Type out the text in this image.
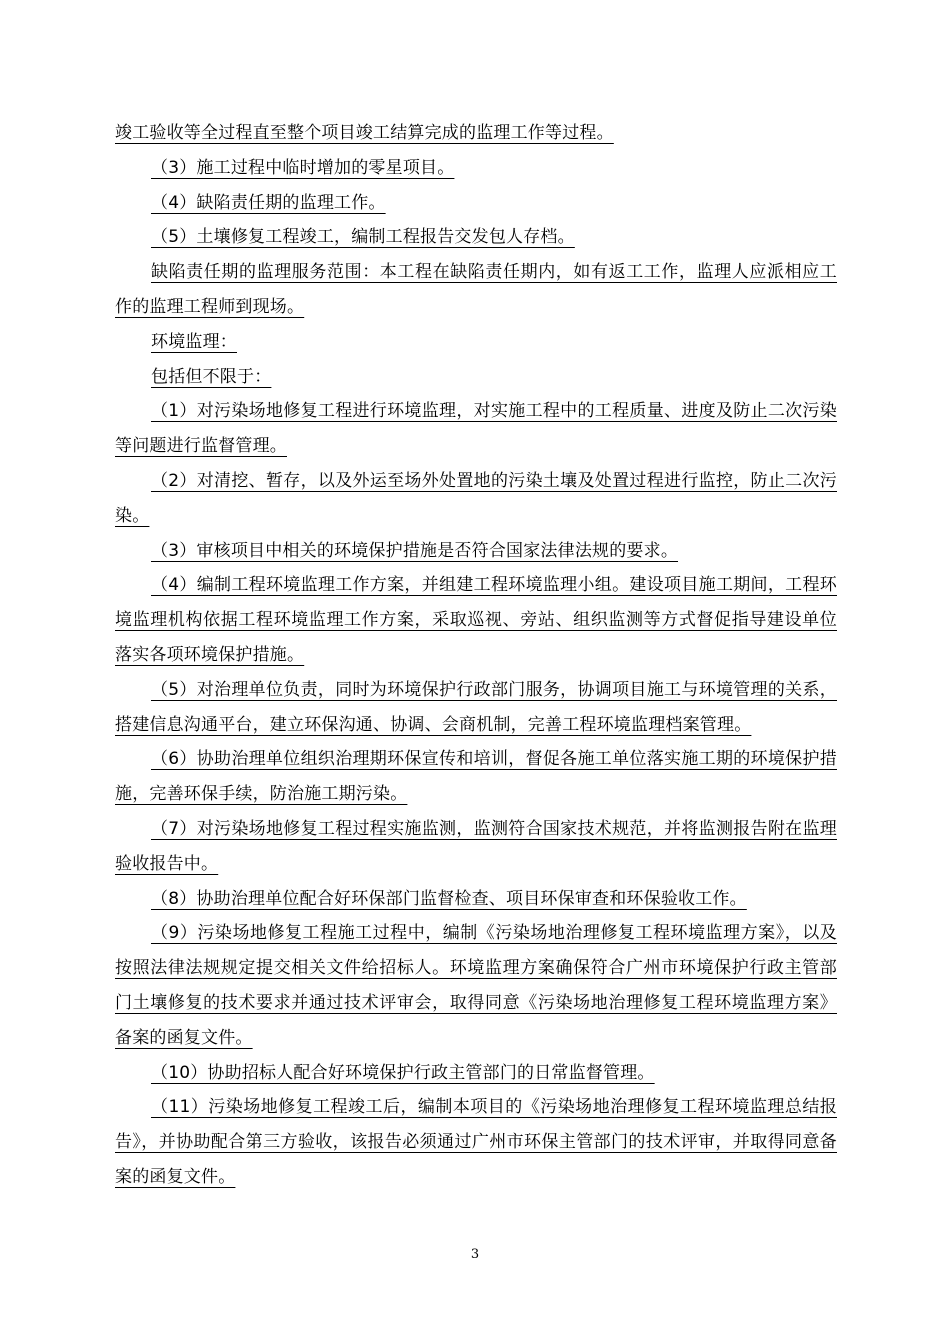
竣工验收等全过程直至整个项目竣工结算完成的监理工作等过程。

（3）施工过程中临时增加的零星项目。

（4）缺陷责任期的监理工作。

（5）土壤修复工程竣工，编制工程报告交发包人存档。

缺陷责任期的监理服务范围：本工程在缺陷责任期内，如有返工工作，监理人应派相应工作的监理工程师到现场。

环境监理：

包括但不限于：

（1）对污染场地修复工程进行环境监理，对实施工程中的工程质量、进度及防止二次污染等问题进行监督管理。

（2）对清挖、暂存，以及外运至场外处置地的污染土壤及处置过程进行监控，防止二次污染。

（3）审核项目中相关的环境保护措施是否符合国家法律法规的要求。

（4）编制工程环境监理工作方案，并组建工程环境监理小组。建设项目施工期间，工程环境监理机构依据工程环境监理工作方案，采取巡视、旁站、组织监测等方式督促指导建设单位落实各项环境保护措施。

（5）对治理单位负责，同时为环境保护行政部门服务，协调项目施工与环境管理的关系，搭建信息沟通平台，建立环保沟通、协调、会商机制，完善工程环境监理档案管理。

（6）协助治理单位组织治理期环保宣传和培训，督促各施工单位落实施工期的环境保护措施，完善环保手续，防治施工期污染。

（7）对污染场地修复工程过程实施监测，监测符合国家技术规范，并将监测报告附在监理验收报告中。

（8）协助治理单位配合好环保部门监督检查、项目环保审查和环保验收工作。

（9）污染场地修复工程施工过程中，编制《污染场地治理修复工程环境监理方案》，以及按照法律法规规定提交相关文件给招标人。环境监理方案确保符合广州市环境保护行政主管部门土壤修复的技术要求并通过技术评审会，取得同意《污染场地治理修复工程环境监理方案》备案的函复文件。

（10）协助招标人配合好环境保护行政主管部门的日常监督管理。

（11）污染场地修复工程竣工后，编制本项目的《污染场地治理修复工程环境监理总结报告》，并协助配合第三方验收，该报告必须通过广州市环保主管部门的技术评审，并取得同意备案的函复文件。

3
